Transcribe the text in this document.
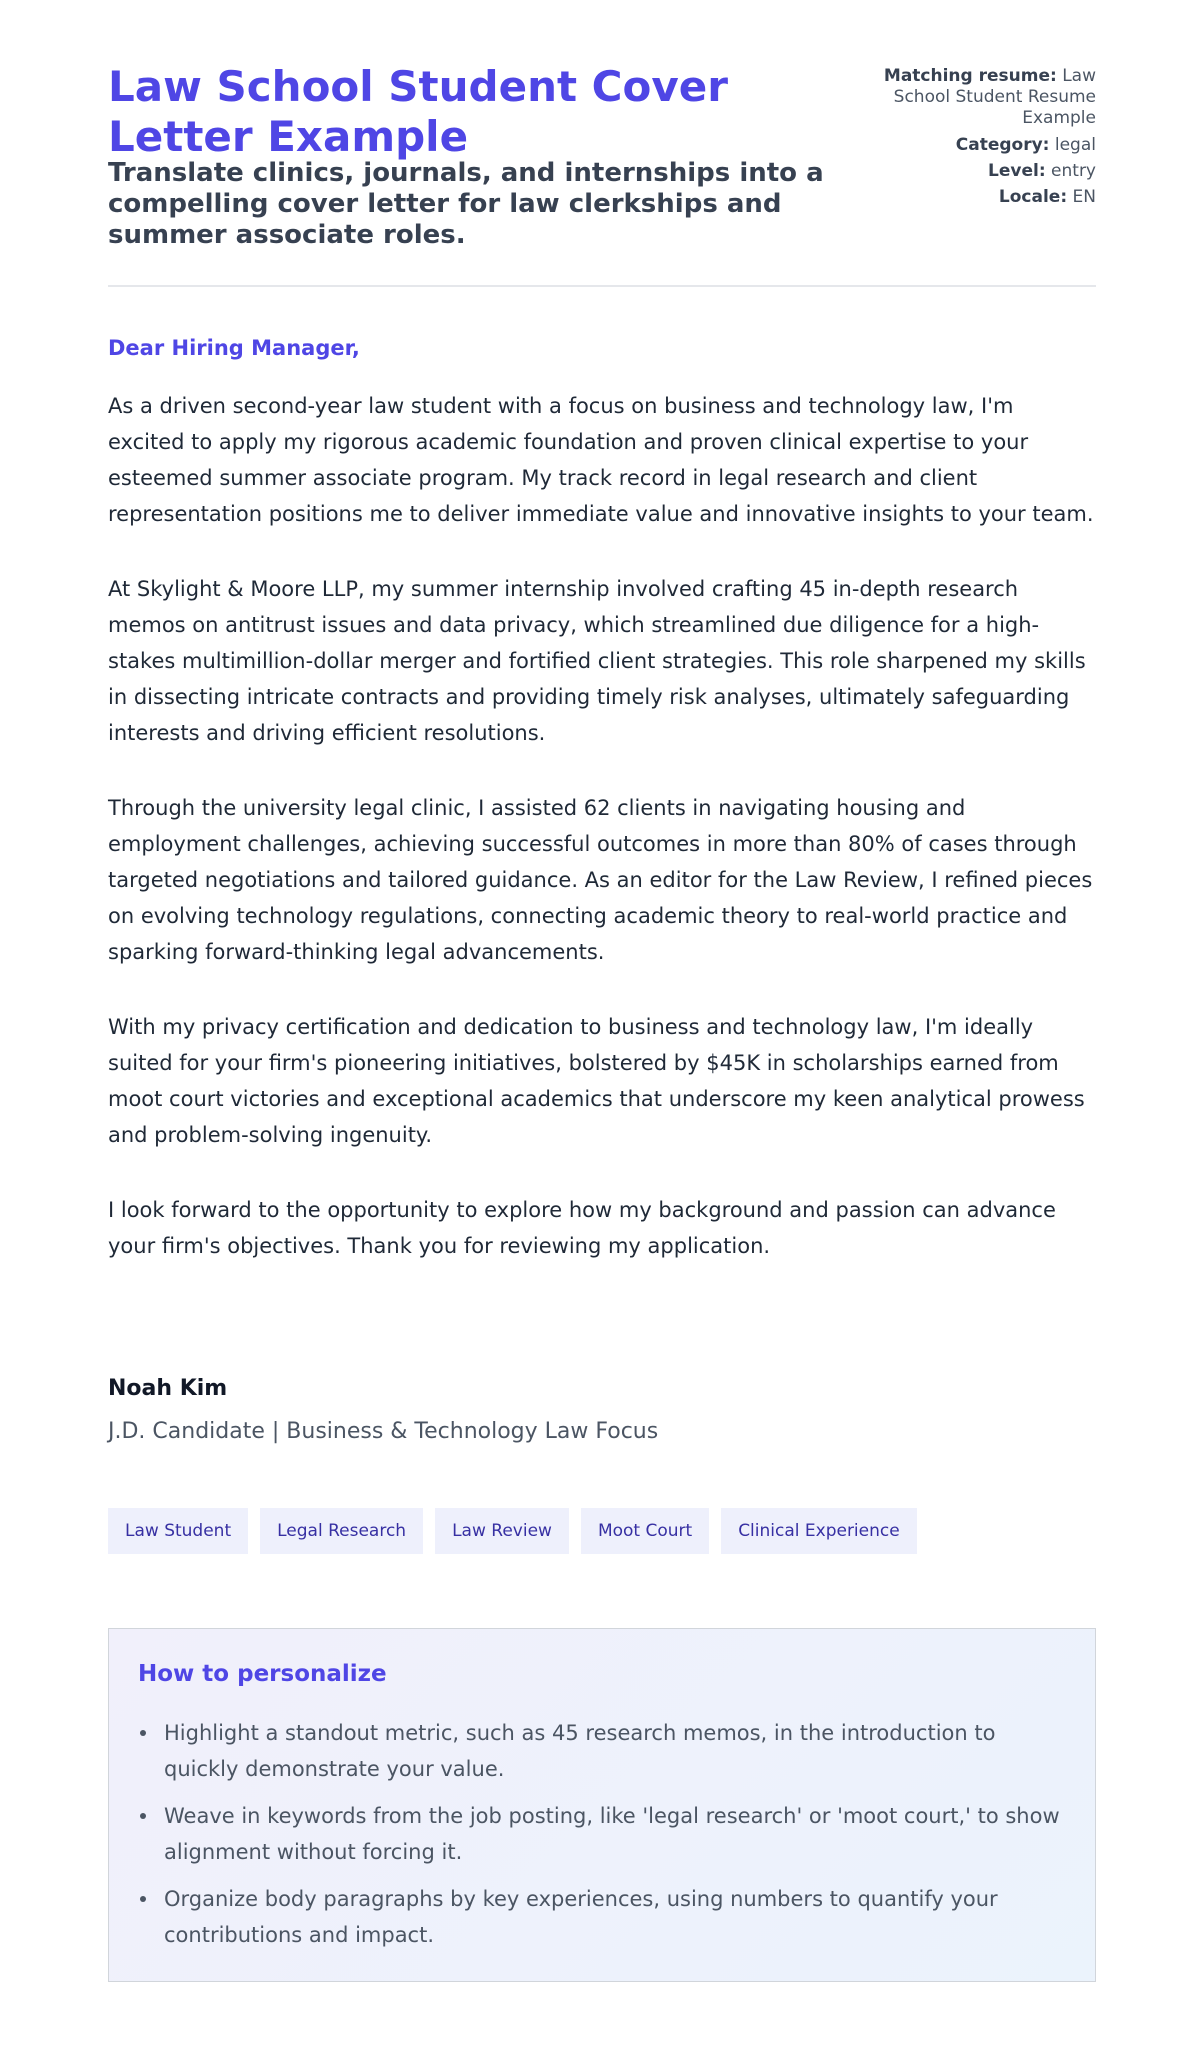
Law School Student Cover Letter Example

Translate clinics, journals, and internships into a compelling cover letter for law clerkships and summer associate roles.

Matching resume: Law School Student Resume Example
Category: legal
Level: entry
Locale: EN

Dear Hiring Manager,

As a driven second-year law student with a focus on business and technology law, I'm excited to apply my rigorous academic foundation and proven clinical expertise to your esteemed summer associate program. My track record in legal research and client representation positions me to deliver immediate value and innovative insights to your team.

At Skylight & Moore LLP, my summer internship involved crafting 45 in-depth research memos on antitrust issues and data privacy, which streamlined due diligence for a high-stakes multimillion-dollar merger and fortified client strategies. This role sharpened my skills in dissecting intricate contracts and providing timely risk analyses, ultimately safeguarding interests and driving efficient resolutions.

Through the university legal clinic, I assisted 62 clients in navigating housing and employment challenges, achieving successful outcomes in more than 80% of cases through targeted negotiations and tailored guidance. As an editor for the Law Review, I refined pieces on evolving technology regulations, connecting academic theory to real-world practice and sparking forward-thinking legal advancements.

With my privacy certification and dedication to business and technology law, I'm ideally suited for your firm's pioneering initiatives, bolstered by $45K in scholarships earned from moot court victories and exceptional academics that underscore my keen analytical prowess and problem-solving ingenuity.

I look forward to the opportunity to explore how my background and passion can advance your firm's objectives. Thank you for reviewing my application.

Noah Kim

J.D. Candidate | Business & Technology Law Focus

Law Student	Legal Research	Law Review	Moot Court	Clinical Experience
How to personalize
Highlight a standout metric, such as 45 research memos, in the introduction to quickly demonstrate your value.
Weave in keywords from the job posting, like 'legal research' or 'moot court,' to show alignment without forcing it.
Organize body paragraphs by key experiences, using numbers to quantify your contributions and impact.
